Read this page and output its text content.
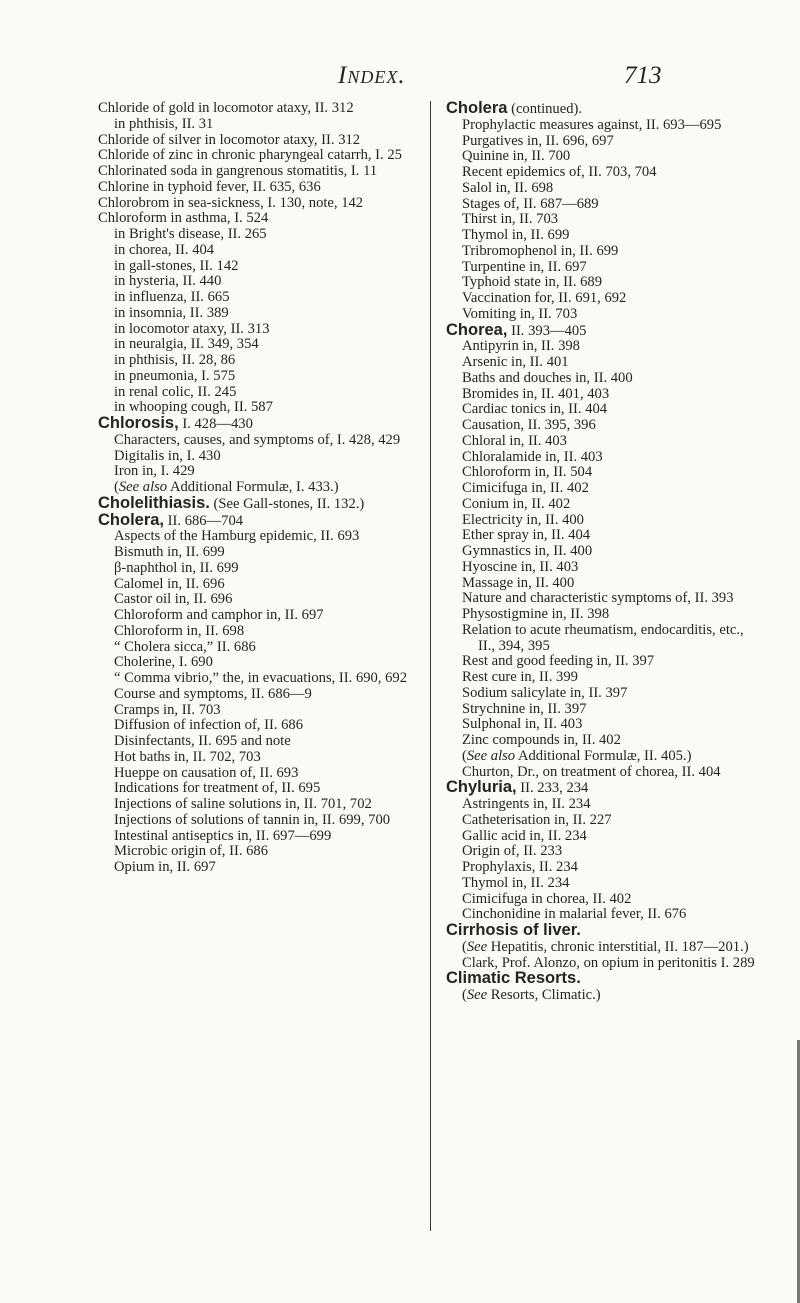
Index.	713
Chloride of gold in locomotor ataxy, II. 312
in phthisis, II. 31
Chloride of silver in locomotor ataxy, II. 312
Chloride of zinc in chronic pharyngeal catarrh, I. 25
Chlorinated soda in gangrenous stomatitis, I. 11
Chlorine in typhoid fever, II. 635, 636
Chlorobrom in sea-sickness, I. 130, note, 142
Chloroform in asthma, I. 524
in Bright's disease, II. 265
in chorea, II. 404
in gall-stones, II. 142
in hysteria, II. 440
in influenza, II. 665
in insomnia, II. 389
in locomotor ataxy, II. 313
in neuralgia, II. 349, 354
in phthisis, II. 28, 86
in pneumonia, I. 575
in renal colic, II. 245
in whooping cough, II. 587
Chlorosis, I. 428—430
Characters, causes, and symptoms of, I. 428, 429
Digitalis in, I. 430
Iron in, I. 429
(See also Additional Formulæ, I. 433.)
Cholelithiasis. (See Gall-stones, II. 132.)
Cholera, II. 686—704
Aspects of the Hamburg epidemic, II. 693
Bismuth in, II. 699
β-naphthol in, II. 699
Calomel in, II. 696
Castor oil in, II. 696
Chloroform and camphor in, II. 697
Chloroform in, II. 698
“ Cholera sicca,” II. 686
Cholerine, I. 690
“ Comma vibrio,” the, in evacuations, II. 690, 692
Course and symptoms, II. 686—9
Cramps in, II. 703
Diffusion of infection of, II. 686
Disinfectants, II. 695 and note
Hot baths in, II. 702, 703
Hueppe on causation of, II. 693
Indications for treatment of, II. 695
Injections of saline solutions in, II. 701, 702
Injections of solutions of tannin in, II. 699, 700
Intestinal antiseptics in, II. 697—699
Microbic origin of, II. 686
Opium in, II. 697
Cholera (continued).
Prophylactic measures against, II. 693—695
Purgatives in, II. 696, 697
Quinine in, II. 700
Recent epidemics of, II. 703, 704
Salol in, II. 698
Stages of, II. 687—689
Thirst in, II. 703
Thymol in, II. 699
Tribromophenol in, II. 699
Turpentine in, II. 697
Typhoid state in, II. 689
Vaccination for, II. 691, 692
Vomiting in, II. 703
Chorea, II. 393—405
Antipyrin in, II. 398
Arsenic in, II. 401
Baths and douches in, II. 400
Bromides in, II. 401, 403
Cardiac tonics in, II. 404
Causation, II. 395, 396
Chloral in, II. 403
Chloralamide in, II. 403
Chloroform in, II. 504
Cimicifuga in, II. 402
Conium in, II. 402
Electricity in, II. 400
Ether spray in, II. 404
Gymnastics in, II. 400
Hyoscine in, II. 403
Massage in, II. 400
Nature and characteristic symptoms of, II. 393
Physostigmine in, II. 398
Relation to acute rheumatism, endocarditis, etc., II., 394, 395
Rest and good feeding in, II. 397
Rest cure in, II. 399
Sodium salicylate in, II. 397
Strychnine in, II. 397
Sulphonal in, II. 403
Zinc compounds in, II. 402
(See also Additional Formulæ, II. 405.)
Churton, Dr., on treatment of chorea, II. 404
Chyluria, II. 233, 234
Astringents in, II. 234
Catheterisation in, II. 227
Gallic acid in, II. 234
Origin of, II. 233
Prophylaxis, II. 234
Thymol in, II. 234
Cimicifuga in chorea, II. 402
Cinchonidine in malarial fever, II. 676
Cirrhosis of liver.
(See Hepatitis, chronic interstitial, II. 187—201.)
Clark, Prof. Alonzo, on opium in peritonitis I. 289
Climatic Resorts.
(See Resorts, Climatic.)
